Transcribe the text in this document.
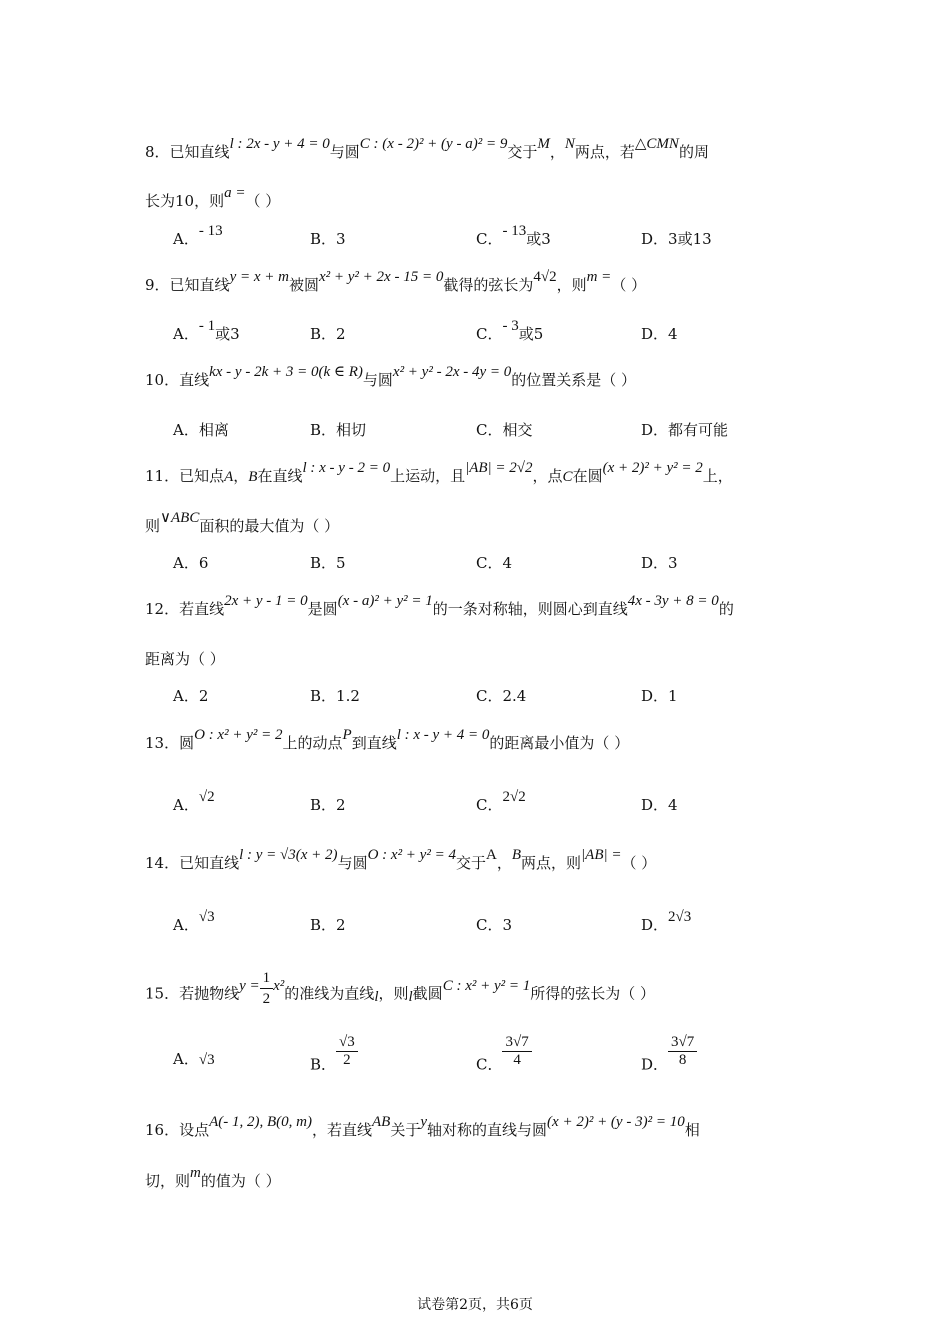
8．已知直线l : 2x - y + 4 = 0与圆C : (x - 2)² + (y - a)² = 9交于M，N两点，若△CMN的周
长为10，则a =（ ）
A．- 13	B．3	C．- 13或3	D．3或13
9．已知直线y = x + m被圆x² + y² + 2x - 15 = 0截得的弦长为4√2，则m =（ ）
A．- 1或3	B．2	C．- 3或5	D．4
10．直线kx - y - 2k + 3 = 0(k ∈ R)与圆x² + y² - 2x - 4y = 0的位置关系是（ ）
A．相离	B．相切	C．相交	D．都有可能
11．已知点A，B在直线l : x - y - 2 = 0上运动，且|AB| = 2√2，点C在圆(x + 2)² + y² = 2上，
则∨ABC面积的最大值为（ ）
A．6	B．5	C．4	D．3
12．若直线2x + y - 1 = 0是圆(x - a)² + y² = 1的一条对称轴，则圆心到直线4x - 3y + 8 = 0的
距离为（ ）
A．2	B．1.2	C．2.4	D．1
13．圆O : x² + y² = 2上的动点P到直线l : x - y + 4 = 0的距离最小值为（ ）
A．√2	B．2	C．2√2	D．4
14．已知直线l : y = √3(x + 2)与圆O : x² + y² = 4交于A，B两点，则|AB| =（ ）
A．√3	B．2	C．3	D．2√3
15．若抛物线$y = \frac{1}{2} x^2$的准线为直线l，则l截圆C : x² + y² = 1所得的弦长为（ ）
A．√3	B． $\frac{√3}{2}$	C． $\frac{3√7}{4}$	D． $\frac{3√7}{8}$
16．设点A(- 1, 2), B(0, m)，若直线AB关于y轴对称的直线与圆(x + 2)² + (y - 3)² = 10相
切，则m的值为（ ）
试卷第2页，共6页
